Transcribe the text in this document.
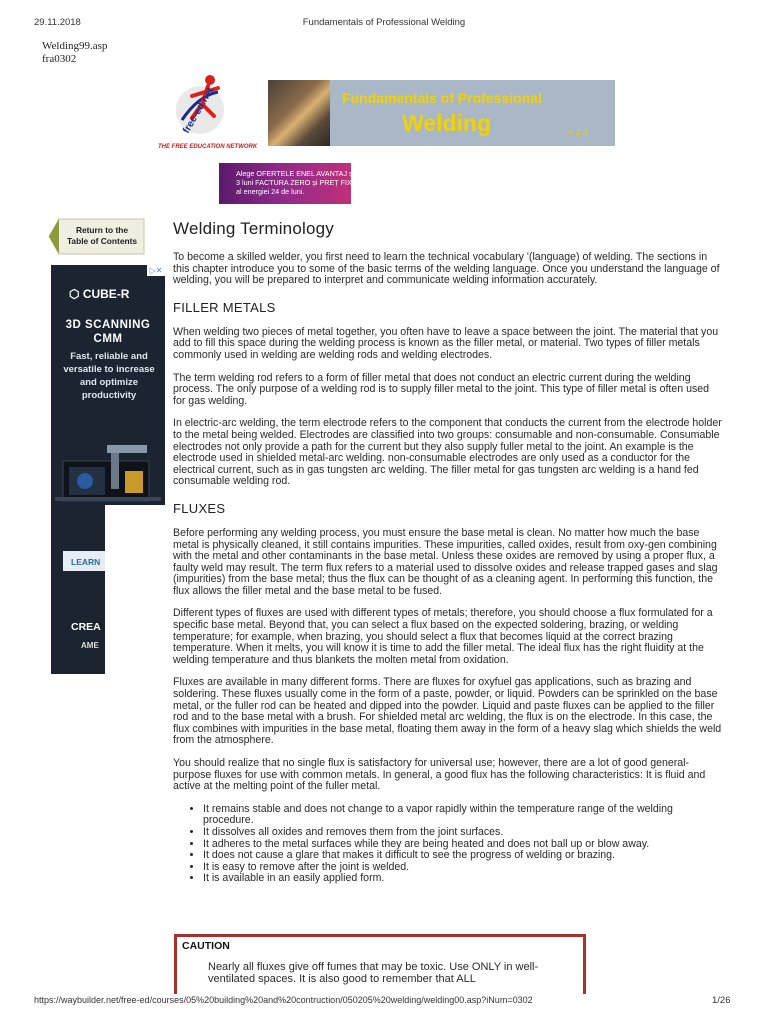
29.11.2018	Fundamentals of Professional Welding
Welding99.asp
fra0302
free-ed.net
THE FREE EDUCATION NETWORK
Fundamentals of Professional
Welding	v. 2.0
Alege OFERTELE ENEL AVANTAJ și ai:
3 luni FACTURA ZERO și PREȚ FIX
al energiei 24 de luni.
Return to the
Table of Contents
▷✕
⬡ CUBE-R
3D SCANNING
CMM
Fast, reliable and versatile to increase and optimize productivity
LEARN
CREA
AME
Welding Terminology
To become a skilled welder, you first need to learn the technical vocabulary '(language) of welding. The sections in this chapter introduce you to some of the basic terms of the welding language. Once you understand the language of welding, you will be prepared to interpret and communicate welding information accurately.
FILLER METALS
When welding two pieces of metal together, you often have to leave a space between the joint. The material that you add to fill this space during the welding process is known as the filler metal, or material. Two types of filler metals commonly used in welding are welding rods and welding electrodes.
The term welding rod refers to a form of filler metal that does not conduct an electric current during the welding process. The only purpose of a welding rod is to supply filler metal to the joint. This type of filler metal is often used for gas welding.
In electric-arc welding, the term electrode refers to the component that conducts the current from the electrode holder to the metal being welded. Electrodes are classified into two groups: consumable and non-consumable. Consumable electrodes not only provide a path for the current but they also supply fuller metal to the joint. An example is the electrode used in shielded metal-arc welding. non-consumable electrodes are only used as a conductor for the electrical current, such as in gas tungsten arc welding. The filler metal for gas tungsten arc welding is a hand fed consumable welding rod.
FLUXES
Before performing any welding process, you must ensure the base metal is clean. No matter how much the base metal is physically cleaned, it still contains impurities. These impurities, called oxides, result from oxy-gen combining with the metal and other contaminants in the base metal. Unless these oxides are removed by using a proper flux, a faulty weld may result. The term flux refers to a material used to dissolve oxides and release trapped gases and slag (impurities) from the base metal; thus the flux can be thought of as a cleaning agent. In performing this function, the flux allows the filler metal and the base metal to be fused.
Different types of fluxes are used with different types of metals; therefore, you should choose a flux formulated for a specific base metal. Beyond that, you can select a flux based on the expected soldering, brazing, or welding temperature; for example, when brazing, you should select a flux that becomes liquid at the correct brazing temperature. When it melts, you will know it is time to add the filler metal. The ideal flux has the right fluidity at the welding temperature and thus blankets the molten metal from oxidation.
Fluxes are available in many different forms. There are fluxes for oxyfuel gas applications, such as brazing and soldering. These fluxes usually come in the form of a paste, powder, or liquid. Powders can be sprinkled on the base metal, or the fuller rod can be heated and dipped into the powder. Liquid and paste fluxes can be applied to the filler rod and to the base metal with a brush. For shielded metal arc welding, the flux is on the electrode. In this case, the flux combines with impurities in the base metal, floating them away in the form of a heavy slag which shields the weld from the atmosphere.
You should realize that no single flux is satisfactory for universal use; however, there are a lot of good general-purpose fluxes for use with common metals. In general, a good flux has the following characteristics: It is fluid and active at the melting point of the fuller metal.
• It remains stable and does not change to a vapor rapidly within the temperature range of the welding procedure.
• It dissolves all oxides and removes them from the joint surfaces.
• It adheres to the metal surfaces while they are being heated and does not ball up or blow away.
• It does not cause a glare that makes it difficult to see the progress of welding or brazing.
• It is easy to remove after the joint is welded.
• It is available in an easily applied form.
CAUTION
Nearly all fluxes give off fumes that may be toxic. Use ONLY in well-ventilated spaces. It is also good to remember that ALL
https://waybuilder.net/free-ed/courses/05%20building%20and%20contruction/050205%20welding/welding00.asp?iNum=0302	1/26
